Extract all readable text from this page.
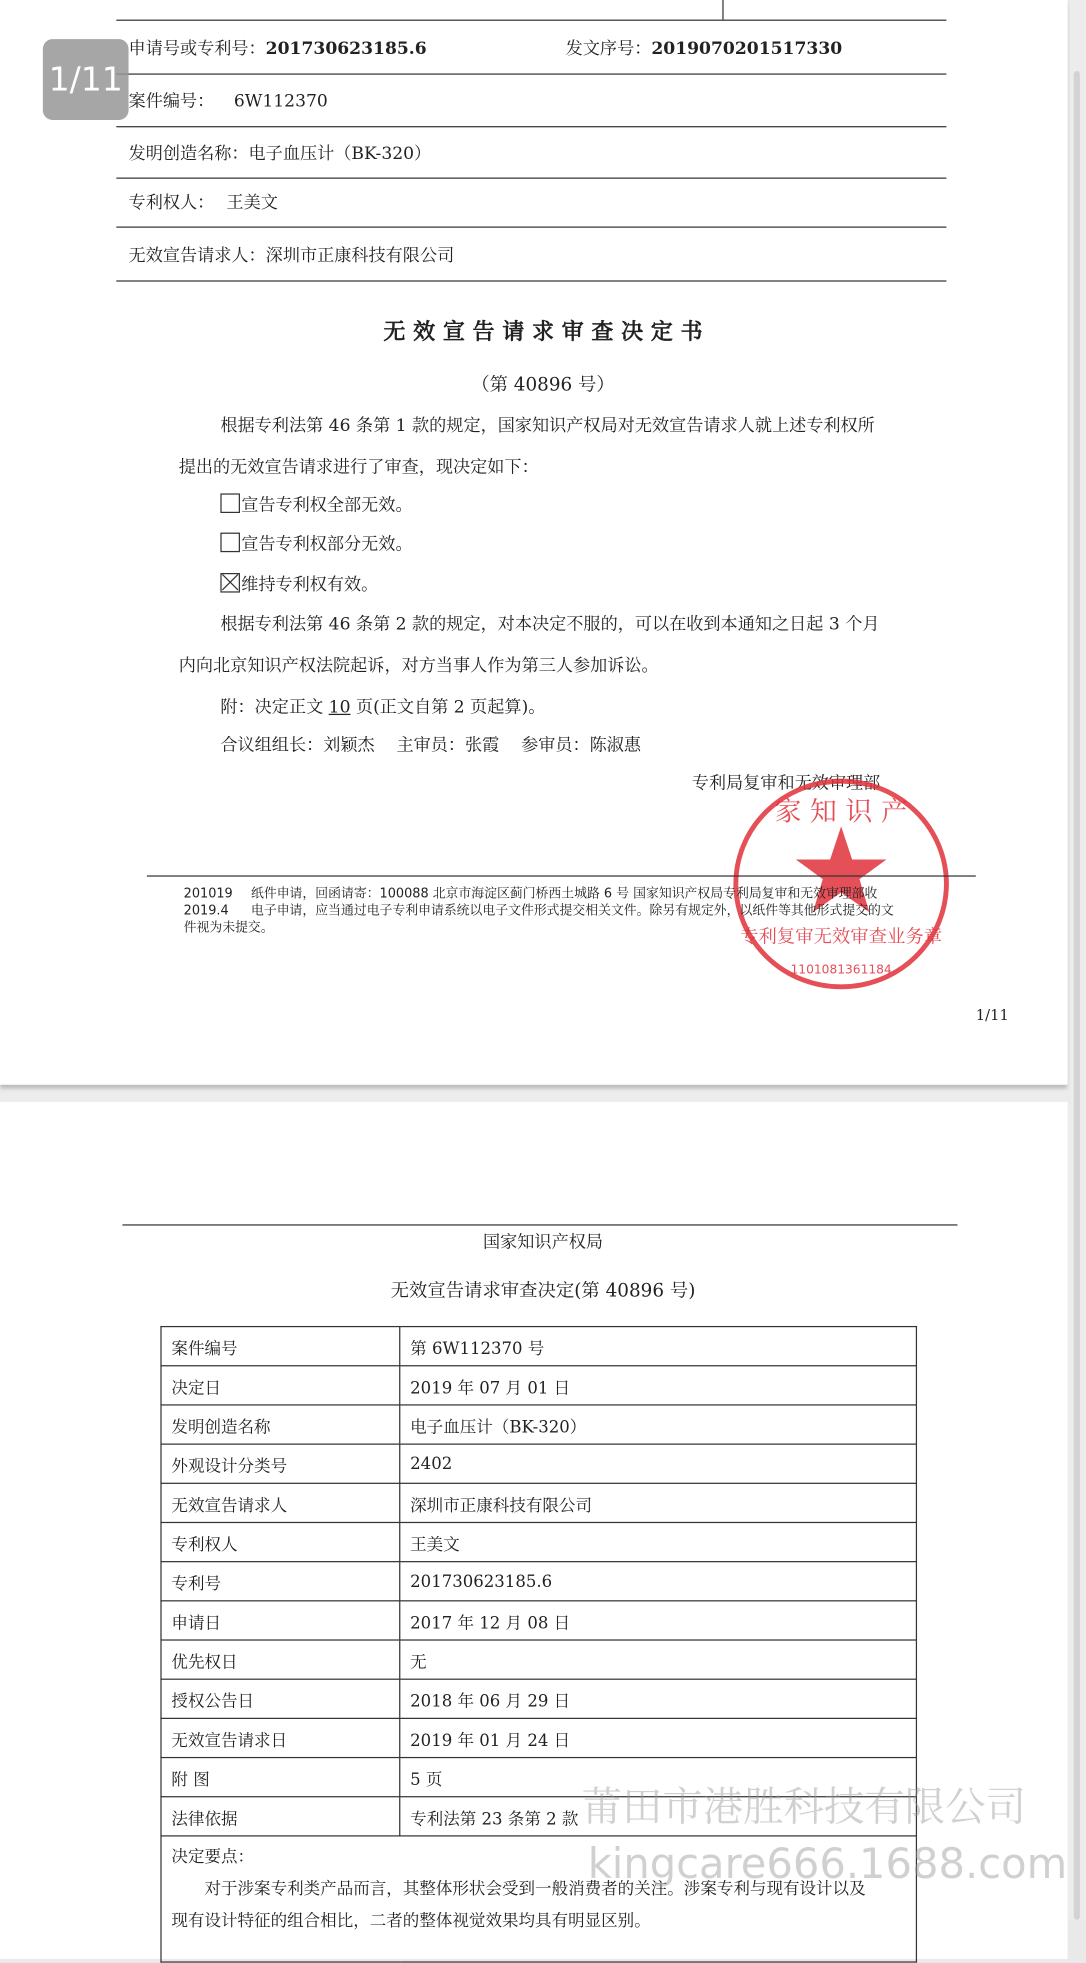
申请号或专利号：201730623185.6	发文序号：2019070201517330
案件编号： 6W112370
发明创造名称：电子血压计（BK-320）
专利权人： 王美文
无效宣告请求人：深圳市正康科技有限公司
无 效 宣 告 请 求 审 查 决 定 书
（第 40896 号）
根据专利法第 46 条第 1 款的规定，国家知识产权局对无效宣告请求人就上述专利权所
提出的无效宣告请求进行了审查，现决定如下：
宣告专利权全部无效。
宣告专利权部分无效。
维持专利权有效。
根据专利法第 46 条第 2 款的规定，对本决定不服的，可以在收到本通知之日起 3 个月
内向北京知识产权法院起诉，对方当事人作为第三人参加诉讼。
附：决定正文 10 页(正文自第 2 页起算)。
合议组组长：刘颖杰    主审员：张霞    参审员：陈淑惠
专利局复审和无效审理部
家 知 识 产
专利复审无效审查业务章
1101081361184
201019 纸件申请，回函请寄：100088 北京市海淀区蓟门桥西土城路 6 号 国家知识产权局专利局复审和无效审理部收
2019.4 电子申请，应当通过电子专利申请系统以电子文件形式提交相关文件。除另有规定外，以纸件等其他形式提交的文件视为未提交。
1/11
国家知识产权局
无效宣告请求审查决定(第 40896 号)
案件编号	第 6W112370 号
决定日	2019 年 07 月 01 日
发明创造名称	电子血压计（BK-320）
外观设计分类号	2402
无效宣告请求人	深圳市正康科技有限公司
专利权人	王美文
专利号	201730623185.6
申请日	2017 年 12 月 08 日
优先权日	无
授权公告日	2018 年 06 月 29 日
无效宣告请求日	2019 年 01 月 24 日
附 图	5 页
法律依据	专利法第 23 条第 2 款

决定要点：
对于涉案专利类产品而言，其整体形状会受到一般消费者的关注。涉案专利与现有设计以及
现有设计特征的组合相比，二者的整体视觉效果均具有明显区别。	
莆田市港胜科技有限公司
kingcare666.1688.com
1/11
